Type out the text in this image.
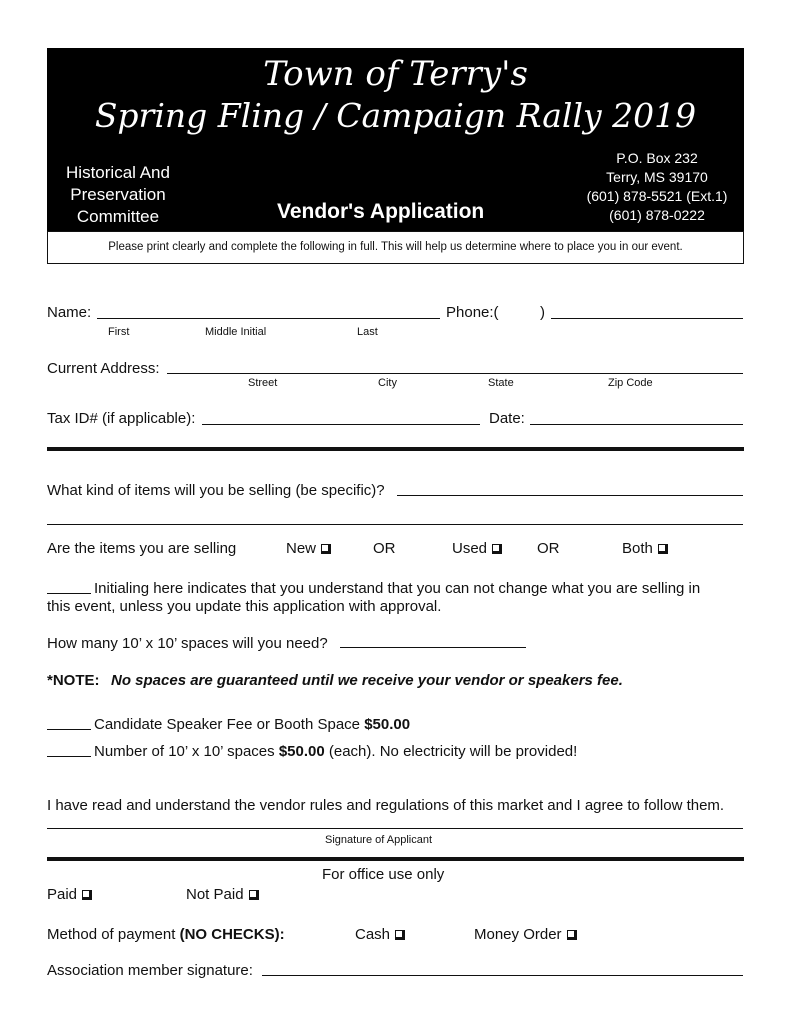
Town of Terry's
Spring Fling / Campaign Rally 2019
Historical And
Preservation
Committee	Vendor's Application
P.O. Box 232
Terry, MS 39170
(601) 878-5521 (Ext.1)
(601) 878-0222
Please print clearly and complete the following in full. This will help us determine where to place you in our event.
Name:	Phone:(	)
First	Middle Initial	Last
Current Address:
Street	City	State	Zip Code
Tax ID# (if applicable):	Date:
What kind of items will you be selling (be specific)?
Are the items you are selling	New	OR	Used	OR	Both
Initialing here indicates that you understand that you can not change what you are selling in
this event, unless you update this application with approval.
How many 10’ x 10’ spaces will you need?
*NOTE: No spaces are guaranteed until we receive your vendor or speakers fee.
Candidate Speaker Fee or Booth Space $50.00
Number of 10’ x 10’ spaces $50.00 (each). No electricity will be provided!
I have read and understand the vendor rules and regulations of this market and I agree to follow them.
Signature of Applicant
For office use only
Paid	Not Paid
Method of payment (NO CHECKS):	Cash	Money Order
Association member signature:
